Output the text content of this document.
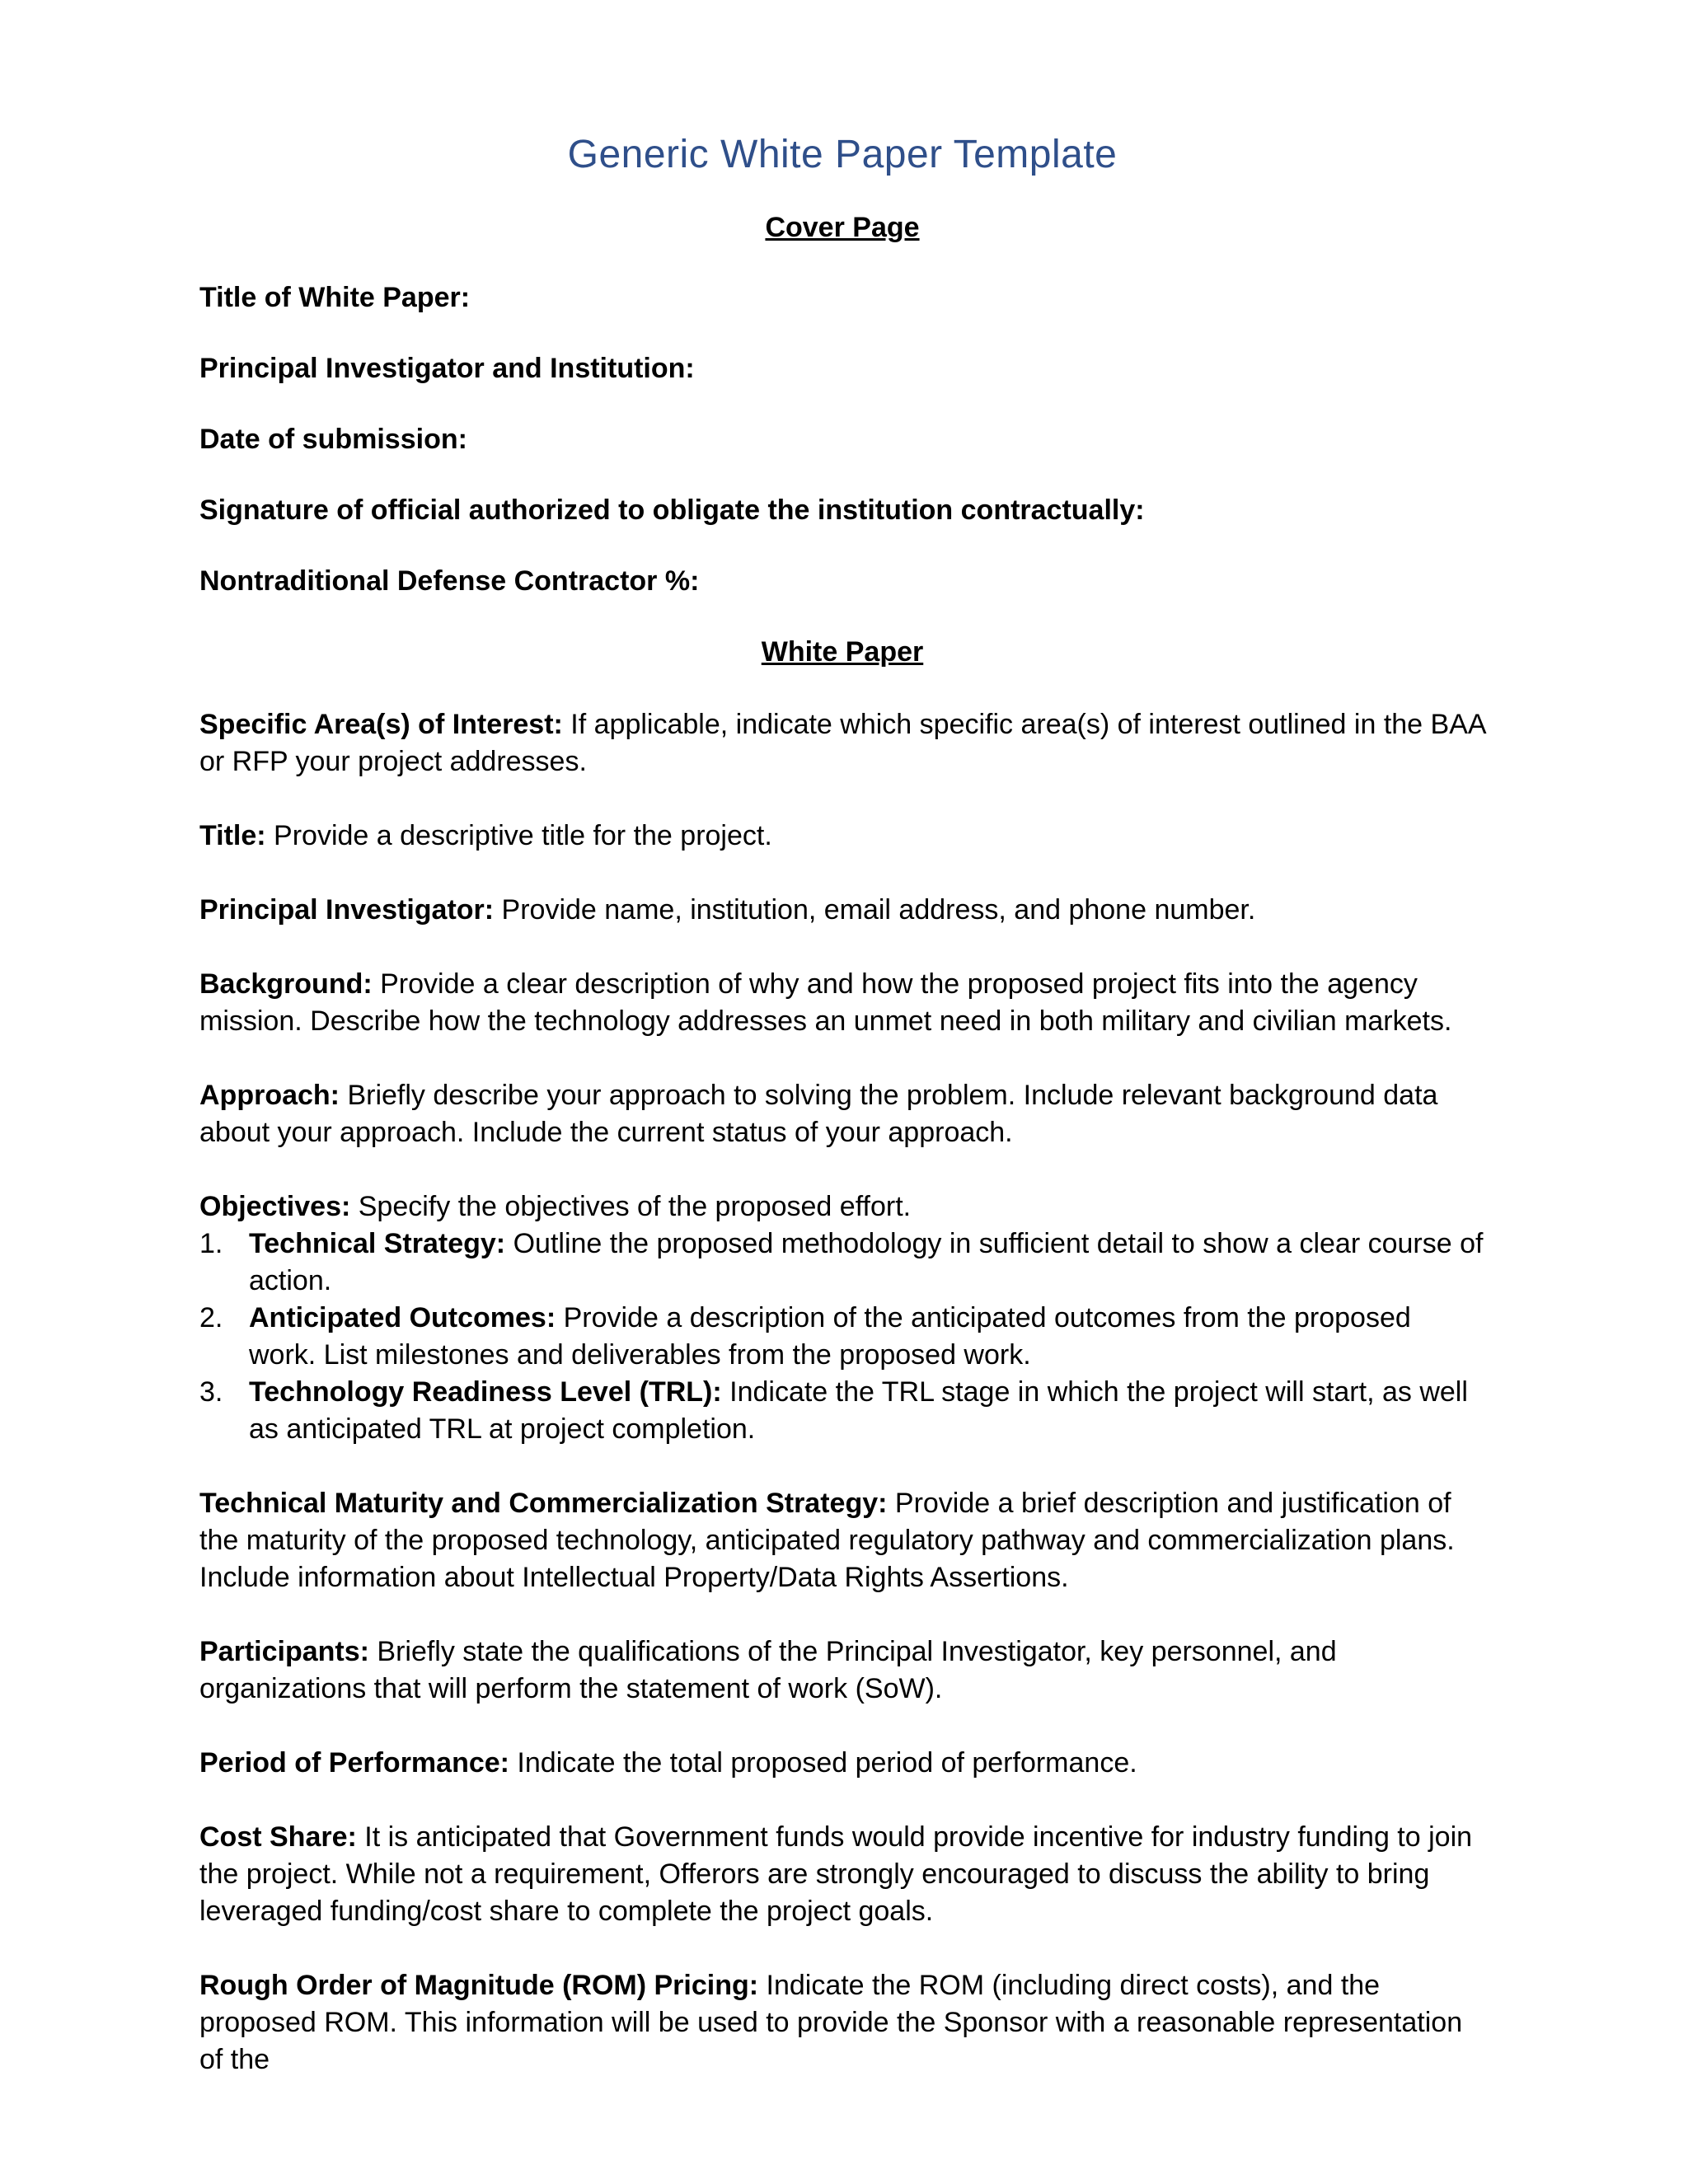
Generic White Paper Template
Cover Page
Title of White Paper:
Principal Investigator and Institution:
Date of submission:
Signature of official authorized to obligate the institution contractually:
Nontraditional Defense Contractor %:
White Paper

Specific Area(s) of Interest: If applicable, indicate which specific area(s) of interest outlined in the BAA or RFP your project addresses.

Title: Provide a descriptive title for the project.

Principal Investigator: Provide name, institution, email address, and phone number.

Background: Provide a clear description of why and how the proposed project fits into the agency mission. Describe how the technology addresses an unmet need in both military and civilian markets.

Approach: Briefly describe your approach to solving the problem. Include relevant background data about your approach. Include the current status of your approach.

Objectives: Specify the objectives of the proposed effort.

1. Technical Strategy: Outline the proposed methodology in sufficient detail to show a clear course of action.
2. Anticipated Outcomes: Provide a description of the anticipated outcomes from the proposed work. List milestones and deliverables from the proposed work.
3. Technology Readiness Level (TRL): Indicate the TRL stage in which the project will start, as well as anticipated TRL at project completion.

Technical Maturity and Commercialization Strategy: Provide a brief description and justification of the maturity of the proposed technology, anticipated regulatory pathway and commercialization plans. Include information about Intellectual Property/Data Rights Assertions.

Participants: Briefly state the qualifications of the Principal Investigator, key personnel, and organizations that will perform the statement of work (SoW).

Period of Performance: Indicate the total proposed period of performance.

Cost Share: It is anticipated that Government funds would provide incentive for industry funding to join the project. While not a requirement, Offerors are strongly encouraged to discuss the ability to bring leveraged funding/cost share to complete the project goals.

Rough Order of Magnitude (ROM) Pricing: Indicate the ROM (including direct costs), and the proposed ROM. This information will be used to provide the Sponsor with a reasonable representation of the
